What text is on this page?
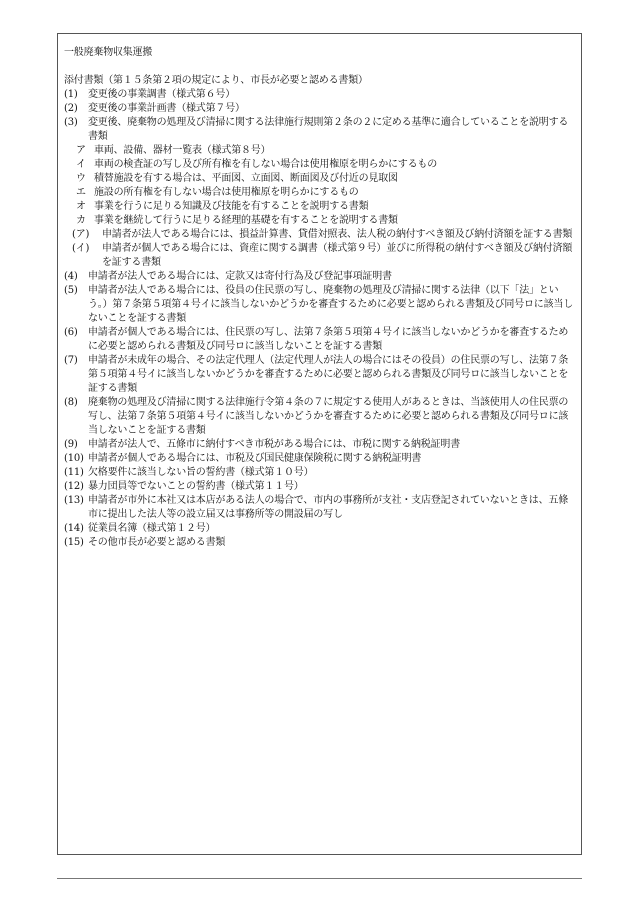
一般廃棄物収集運搬

添付書類（第１５条第２項の規定により、市長が必要と認める書類）

(1)	変更後の事業調書（様式第６号）
(2)	変更後の事業計画書（様式第７号）
(3)	変更後、廃棄物の処理及び清掃に関する法律施行規則第２条の２に定める基準に適合していることを説明する書類
ア 車両、設備、器材一覧表（様式第８号）
イ 車両の検査証の写し及び所有権を有しない場合は使用権原を明らかにするもの
ウ 積替施設を有する場合は、平面図、立面図、断面図及び付近の見取図
エ 施設の所有権を有しない場合は使用権原を明らかにするもの
オ 事業を行うに足りる知識及び技能を有することを説明する書類
カ 事業を継続して行うに足りる経理的基礎を有することを説明する書類
(ア)	申請者が法人である場合には、損益計算書、貸借対照表、法人税の納付すべき額及び納付済額を証する書類
(イ)	申請者が個人である場合には、資産に関する調書（様式第９号）並びに所得税の納付すべき額及び納付済額を証する書類
(4)	申請者が法人である場合には、定款又は寄付行為及び登記事項証明書
(5)	申請者が法人である場合には、役員の住民票の写し、廃棄物の処理及び清掃に関する法律（以下「法」という。）第７条第５項第４号イに該当しないかどうかを審査するために必要と認められる書類及び同号ロに該当しないことを証する書類
(6)	申請者が個人である場合には、住民票の写し、法第７条第５項第４号イに該当しないかどうかを審査するために必要と認められる書類及び同号ロに該当しないことを証する書類
(7)	申請者が未成年の場合、その法定代理人（法定代理人が法人の場合にはその役員）の住民票の写し、法第７条第５項第４号イに該当しないかどうかを審査するために必要と認められる書類及び同号ロに該当しないことを証する書類
(8)	廃棄物の処理及び清掃に関する法律施行令第４条の７に規定する使用人があるときは、当該使用人の住民票の写し、法第７条第５項第４号イに該当しないかどうかを審査するために必要と認められる書類及び同号ロに該当しないことを証する書類
(9)	申請者が法人で、五條市に納付すべき市税がある場合には、市税に関する納税証明書
(10) 申請者が個人である場合には、市税及び国民健康保険税に関する納税証明書
(11) 欠格要件に該当しない旨の誓約書（様式第１０号）
(12) 暴力団員等でないことの誓約書（様式第１１号）
(13) 申請者が市外に本社又は本店がある法人の場合で、市内の事務所が支社・支店登記されていないときは、五條市に提出した法人等の設立届又は事務所等の開設届の写し
(14) 従業員名簿（様式第１２号）
(15) その他市長が必要と認める書類
